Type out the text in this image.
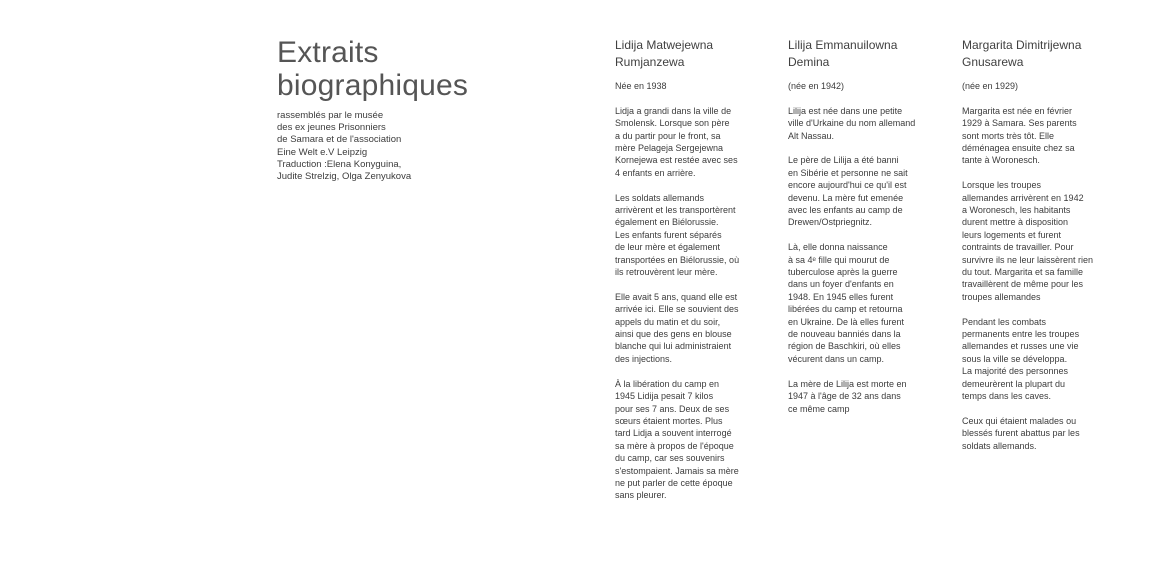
Extraits
biographiques
rassemblés par le musée
des ex jeunes Prisonniers
de Samara et de l'association
Eine Welt e.V Leipzig
Traduction :Elena Konyguina,
Judite Strelzig, Olga Zenyukova
Lidija Matwejewna
Rumjanzewa
Née en 1938
Lidja a grandi dans la ville de
Smolensk. Lorsque son père
a du partir pour le front, sa
mère Pelageja Sergejewna
Kornejewa est restée avec ses
4 enfants en arrière.
Les soldats allemands
arrivèrent et les transportèrent
également en Biélorussie.
Les enfants furent séparés
de leur mère et également
transportées en Biélorussie, où
ils retrouvèrent leur mère.
Elle avait 5 ans, quand elle est
arrivée ici. Elle se souvient des
appels du matin et du soir,
ainsi que des gens en blouse
blanche qui lui administraient
des injections.
À la libération du camp en
1945 Lidija pesait 7 kilos
pour ses 7 ans. Deux de ses
sœurs étaient mortes. Plus
tard Lidja a souvent interrogé
sa mère à propos de l'époque
du camp, car ses souvenirs
s'estompaient. Jamais sa mère
ne put parler de cette époque
sans pleurer.
Lilija Emmanuilowna
Demina
(née en 1942)
Lilija est née dans une petite
ville d'Urkaine du nom allemand
Alt Nassau.
Le père de Lilija a été banni
en Sibérie et personne ne sait
encore aujourd'hui ce qu'il est
devenu. La mère fut emenée
avec les enfants au camp de
Drewen/Ostpriegnitz.
Là, elle donna naissance
à sa 4ᵉ fille qui mourut de
tuberculose après la guerre
dans un foyer d'enfants en
1948. En 1945 elles furent
libérées du camp et retourna
en Ukraine. De là elles furent
de nouveau banniés dans la
région de Baschkiri, où elles
vécurent dans un camp.
La mère de Lilija est morte en
1947 à l'âge de 32 ans dans
ce même camp
Margarita Dimitrijewna
Gnusarewa
(née en 1929)
Margarita est née en février
1929 à Samara. Ses parents
sont morts très tôt. Elle
déménagea ensuite chez sa
tante à Woronesch.
Lorsque les troupes
allemandes arrivèrent en 1942
a Woronesch, les habitants
durent mettre à disposition
leurs logements et furent
contraints de travailler. Pour
survivre ils ne leur laissèrent rien
du tout. Margarita et sa famille
travaillèrent de même pour les
troupes allemandes
Pendant les combats
permanents entre les troupes
allemandes et russes une vie
sous la ville se développa.
La majorité des personnes
demeurèrent la plupart du
temps dans les caves.
Ceux qui étaient malades ou
blessés furent abattus par les
soldats allemands.
